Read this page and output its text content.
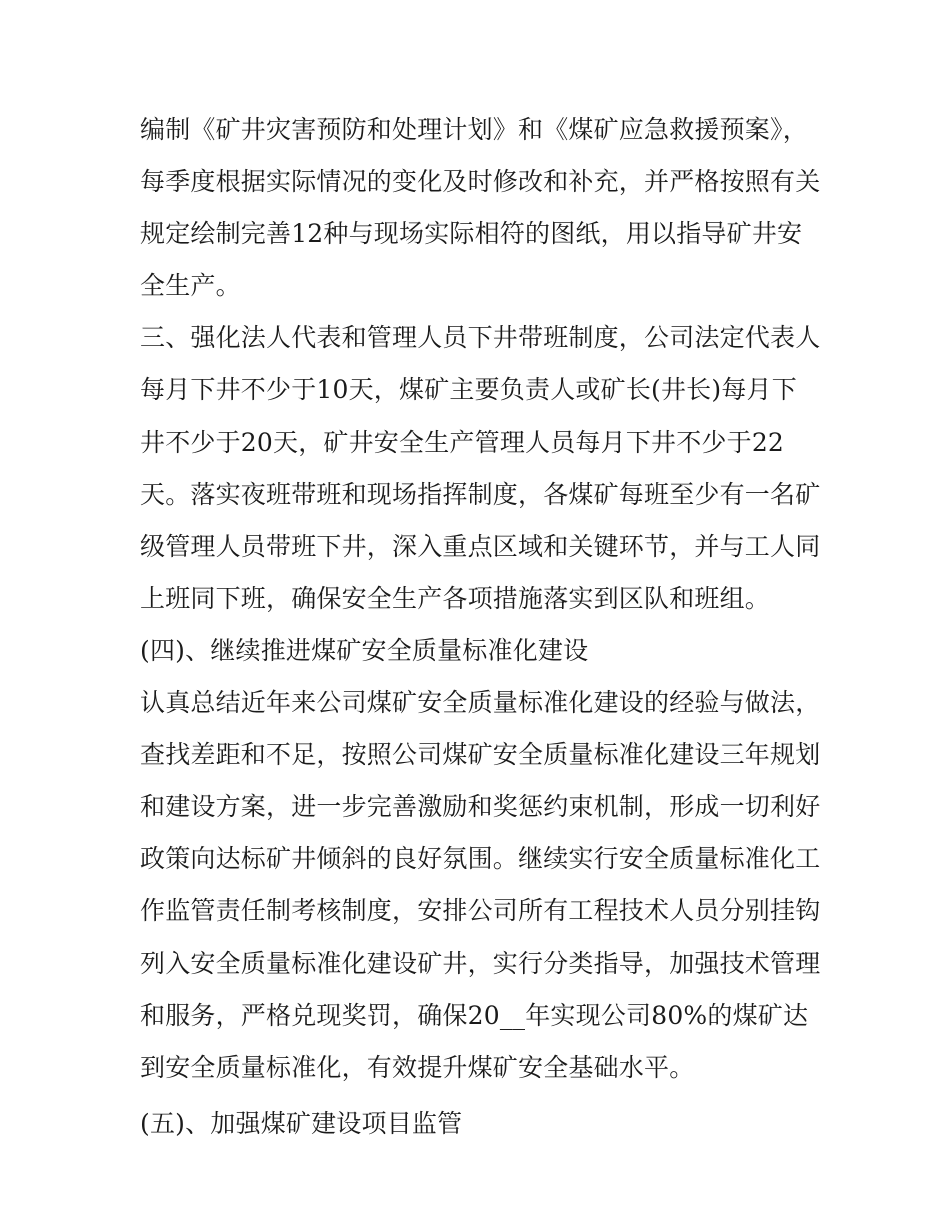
编制《矿井灾害预防和处理计划》和《煤矿应急救援预案》，
每季度根据实际情况的变化及时修改和补充，并严格按照有关
规定绘制完善12种与现场实际相符的图纸，用以指导矿井安
全生产。
三、强化法人代表和管理人员下井带班制度，公司法定代表人
每月下井不少于10天，煤矿主要负责人或矿长(井长)每月下
井不少于20天，矿井安全生产管理人员每月下井不少于22
天。落实夜班带班和现场指挥制度，各煤矿每班至少有一名矿
级管理人员带班下井，深入重点区域和关键环节，并与工人同
上班同下班，确保安全生产各项措施落实到区队和班组。
(四)、继续推进煤矿安全质量标准化建设
认真总结近年来公司煤矿安全质量标准化建设的经验与做法，
查找差距和不足，按照公司煤矿安全质量标准化建设三年规划
和建设方案，进一步完善激励和奖惩约束机制，形成一切利好
政策向达标矿井倾斜的良好氛围。继续实行安全质量标准化工
作监管责任制考核制度，安排公司所有工程技术人员分别挂钩
列入安全质量标准化建设矿井，实行分类指导，加强技术管理
和服务，严格兑现奖罚，确保20__年实现公司80%的煤矿达
到安全质量标准化，有效提升煤矿安全基础水平。
(五)、加强煤矿建设项目监管
